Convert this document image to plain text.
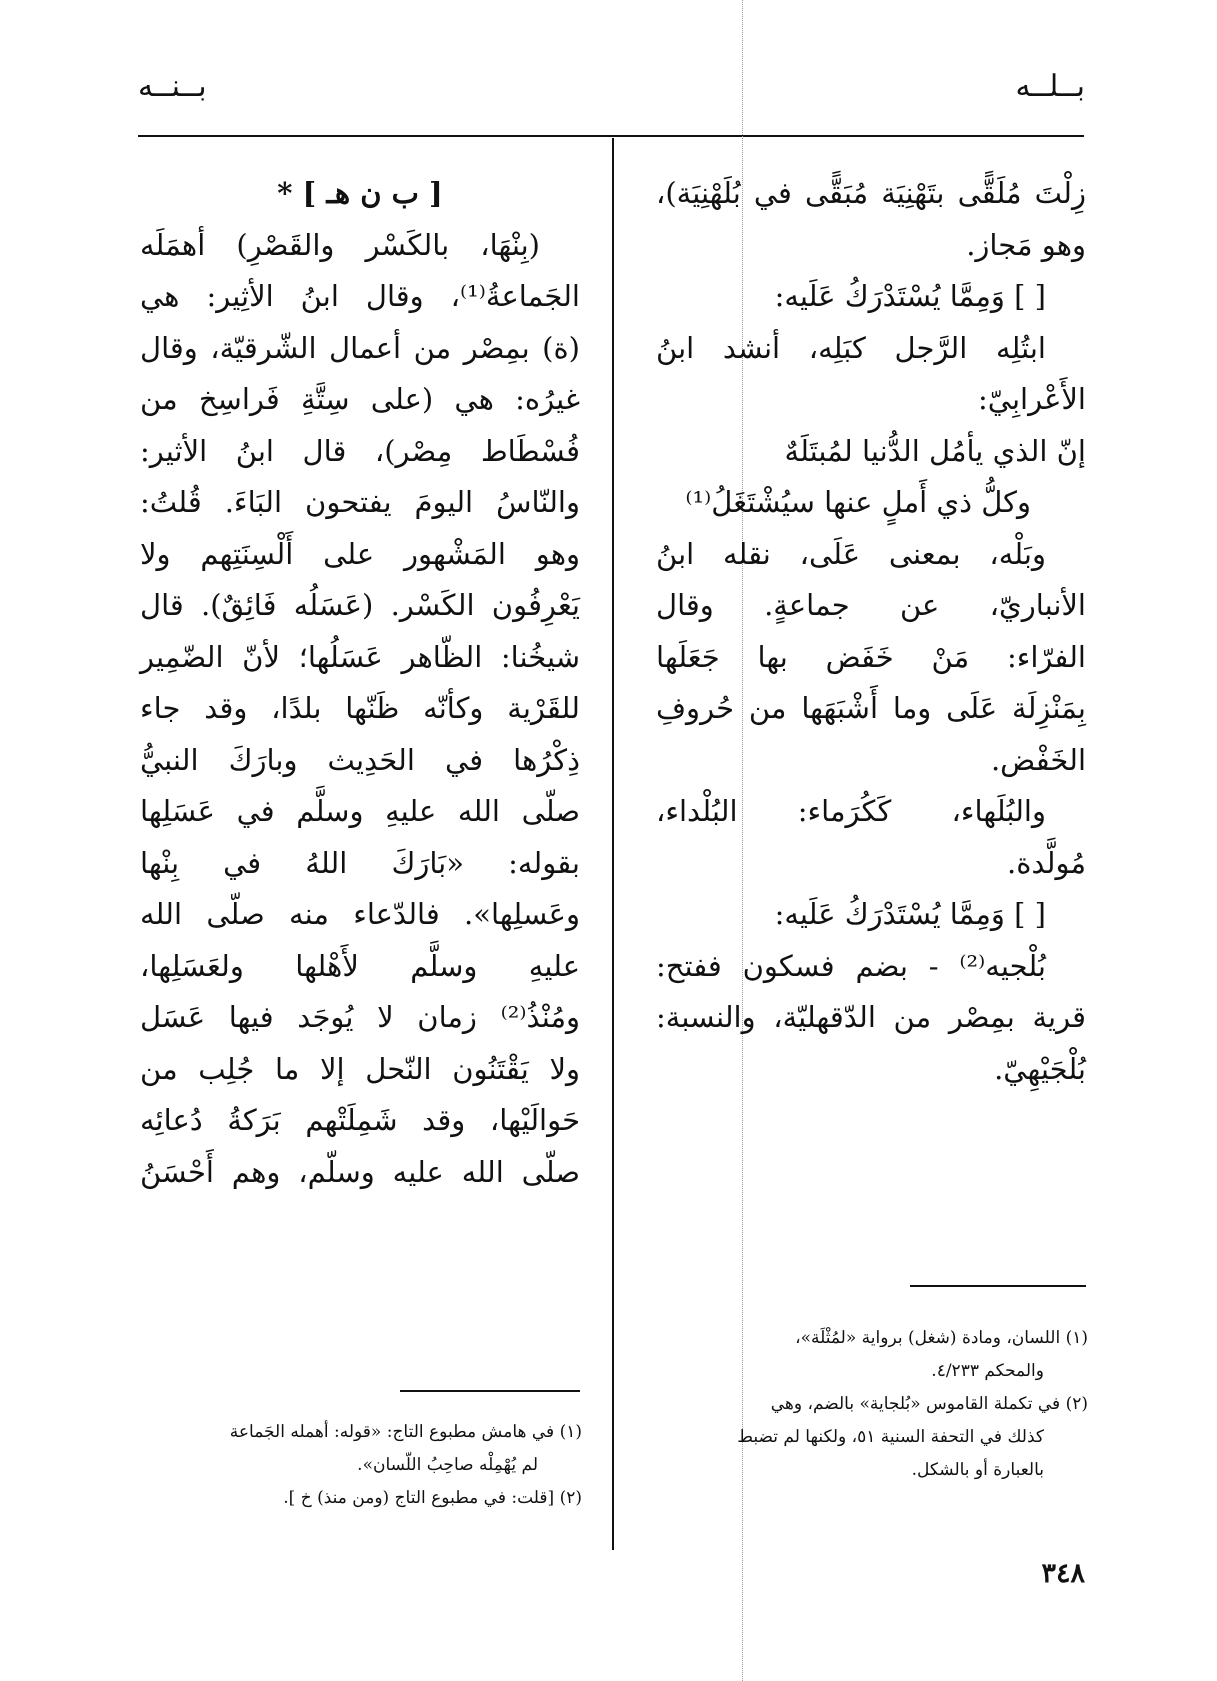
بــلــه
بــنــه
زِلْتَ مُلَقًّى بتَهْنِيَة مُبَقًّى في بُلَهْنِيَة)،
وهو مَجاز.
[ ] وَمِمَّا يُسْتَدْرَكُ عَلَيه:
ابتُلِه الرَّجل كبَلِه، أنشد ابنُ
الأَعْرابِيّ:
إنّ الذي يأمُل الدُّنيا لمُبتَلَهٌ
وكلُّ ذي أَملٍ عنها سيُشْتَغَلُ⁽¹⁾
وبَلْه، بمعنى عَلَى، نقله ابنُ
الأنباريّ، عن جماعةٍ. وقال
الفرّاء: مَنْ خَفَض بها جَعَلَها
بِمَنْزِلَة عَلَى وما أَشْبَهَها من حُروفِ
الخَفْض.
والبُلَهاء، كَكُرَماء: البُلْداء،
مُولَّدة.
[ ] وَمِمَّا يُسْتَدْرَكُ عَلَيه:
بُلْجيه⁽²⁾ - بضم فسكون ففتح:
قرية بمِصْر من الدّقهليّة، والنسبة:
بُلْجَيْهِيّ.
(١) اللسان، ومادة (شغل) برواية «لمُثْلَة»،
والمحكم ٤/٢٣٣.
(٢) في تكملة القاموس «بُلجاية» بالضم، وهي
كذلك في التحفة السنية ٥١، ولكنها لم تضبط
بالعبارة أو بالشكل.
[ ب ن هـ ] *
(بِنْهَا، بالكَسْر والقَصْرِ) أهمَلَه
الجَماعةُ⁽¹⁾، وقال ابنُ الأثِير: هي
(ة) بمِصْر من أعمال الشّرقيّة، وقال
غيرُه: هي (على سِتَّةِ فَراسِخ من
فُسْطَاط مِصْر)، قال ابنُ الأثير:
والنّاسُ اليومَ يفتحون البَاءَ. قُلتُ:
وهو المَشْهور على أَلْسِنَتِهم ولا
يَعْرِفُون الكَسْر. (عَسَلُه فَائِقٌ). قال
شيخُنا: الظّاهر عَسَلُها؛ لأنّ الضّمِير
للقَرْية وكأنّه ظَنّها بلدًا، وقد جاء
ذِكْرُها في الحَدِيث وبارَكَ النبيُّ
صلّى الله عليهِ وسلَّم في عَسَلِها
بقوله: «بَارَكَ اللهُ في بِنْها
وعَسلِها». فالدّعاء منه صلّى الله
عليهِ وسلَّم لأَهْلها ولعَسَلِها،
ومُنْذُ⁽²⁾ زمان لا يُوجَد فيها عَسَل
ولا يَقْتَنُون النّحل إلا ما جُلِب من
حَوالَيْها، وقد شَمِلَتْهم بَرَكةُ دُعائِه
صلّى الله عليه وسلّم، وهم أَحْسَنُ
(١) في هامش مطبوع التاج: «قوله: أهمله الجَماعة
لم يُهْمِلْه صاحِبُ اللّسان».
(٢) [قلت: في مطبوع التاج (ومن منذ) خ ].
٣٤٨
